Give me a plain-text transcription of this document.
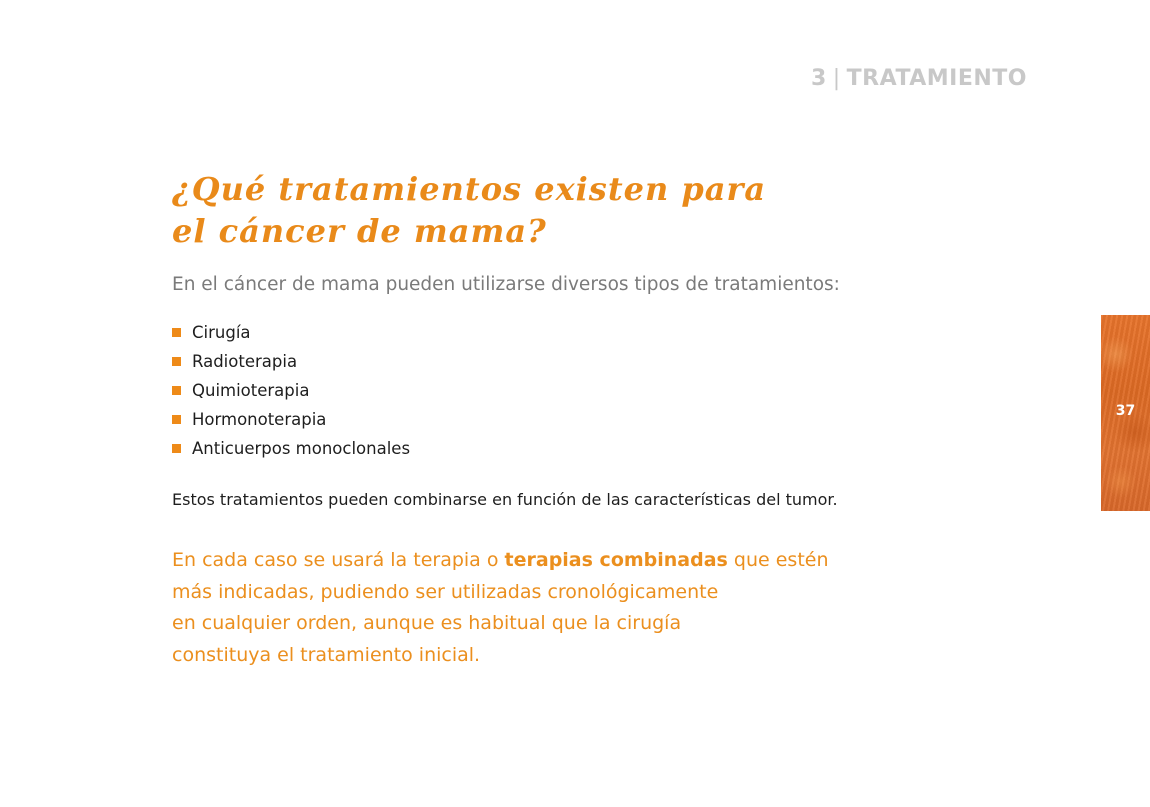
3 | TRATAMIENTO
¿Qué tratamientos existen para
el cáncer de mama?
En el cáncer de mama pueden utilizarse diversos tipos de tratamientos:
Cirugía
Radioterapia
Quimioterapia
Hormonoterapia
Anticuerpos monoclonales
Estos tratamientos pueden combinarse en función de las características del tumor.

En cada caso se usará la terapia o terapias combinadas que estén
más indicadas, pudiendo ser utilizadas cronológicamente
en cualquier orden, aunque es habitual que la cirugía
constituya el tratamiento inicial.

37
